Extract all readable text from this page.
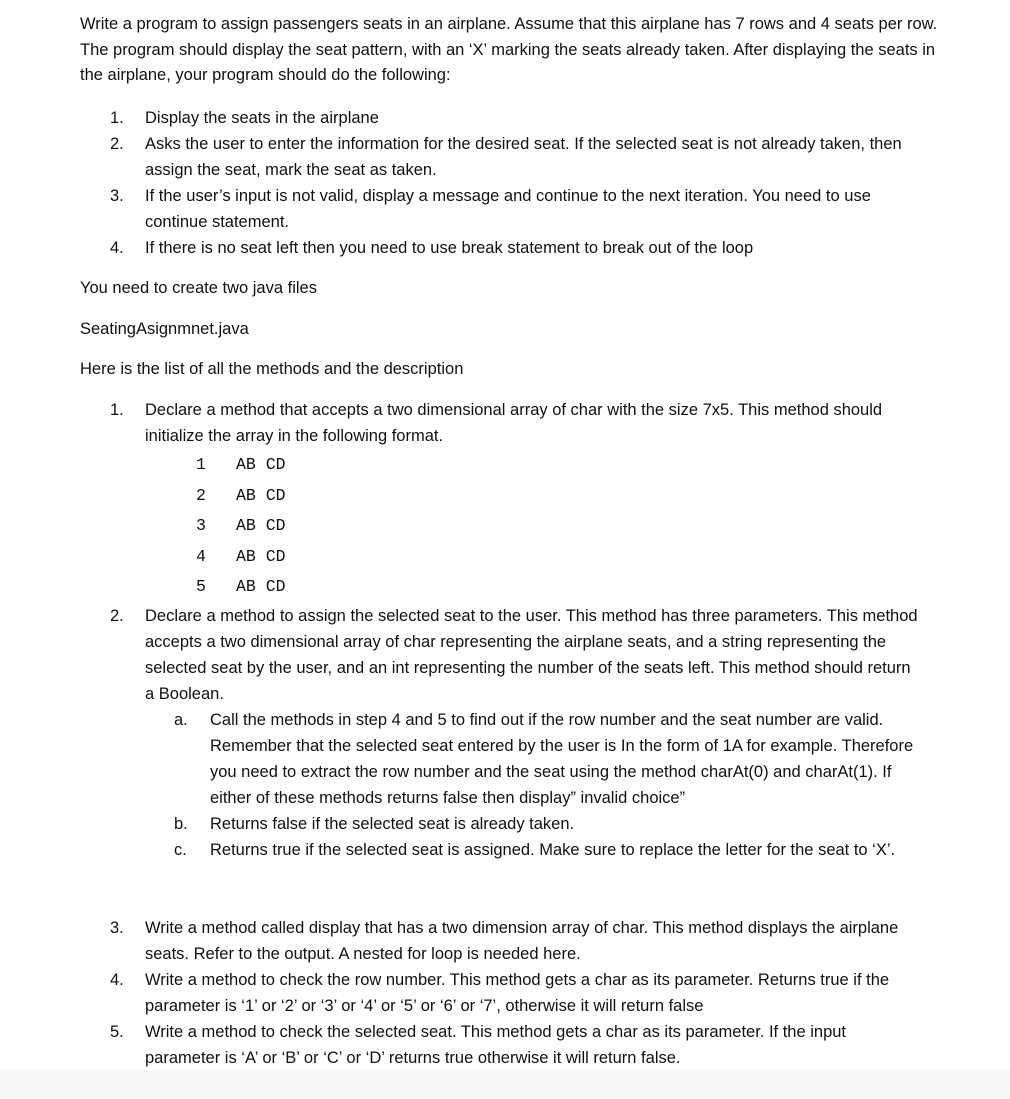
Write a program to assign passengers seats in an airplane. Assume that this airplane has 7 rows and 4 seats per row. The program should display the seat pattern, with an ‘X’ marking the seats already taken. After displaying the seats in the airplane, your program should do the following:

1. Display the seats in the airplane
2. Asks the user to enter the information for the desired seat. If the selected seat is not already taken, then assign the seat, mark the seat as taken.
3. If the user’s input is not valid, display a message and continue to the next iteration. You need to use continue statement.
4. If there is no seat left then you need to use break statement to break out of the loop

You need to create two java files

SeatingAsignmnet.java

Here is the list of all the methods and the description

1. Declare a method that accepts a two dimensional array of char with the size 7x5. This method should initialize the array in the following format.
1 AB CD
2 AB CD
3 AB CD
4 AB CD
5 AB CD
2. Declare a method to assign the selected seat to the user. This method has three parameters. This method accepts a two dimensional array of char representing the airplane seats, and a string representing the selected seat by the user, and an int representing the number of the seats left. This method should return a Boolean.
a. Call the methods in step 4 and 5 to find out if the row number and the seat number are valid. Remember that the selected seat entered by the user is In the form of 1A for example. Therefore you need to extract the row number and the seat using the method charAt(0) and charAt(1). If either of these methods returns false then display” invalid choice”
b. Returns false if the selected seat is already taken.
c. Returns true if the selected seat is assigned. Make sure to replace the letter for the seat to ‘X’.
3. Write a method called display that has a two dimension array of char. This method displays the airplane seats. Refer to the output. A nested for loop is needed here.
4. Write a method to check the row number. This method gets a char as its parameter. Returns true if the parameter is ‘1’ or ‘2’ or ‘3’ or ‘4’ or ‘5’ or ‘6’ or ‘7’, otherwise it will return false
5. Write a method to check the selected seat. This method gets a char as its parameter. If the input parameter is ‘A’ or ‘B’ or ‘C’ or ‘D’ returns true otherwise it will return false.
